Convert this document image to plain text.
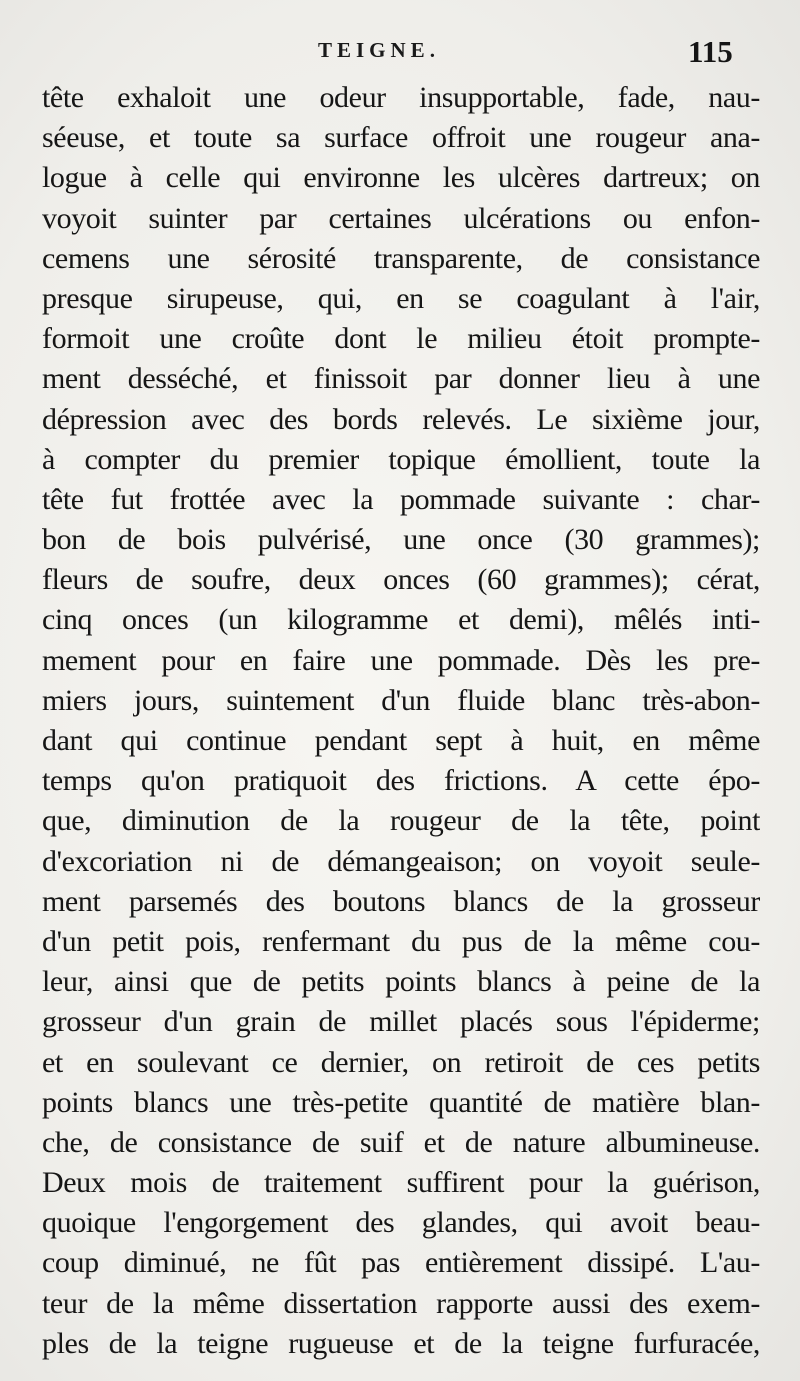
TEIGNE.	115
tête exhaloit une odeur insupportable, fade, nau-
séeuse, et toute sa surface offroit une rougeur ana-
logue à celle qui environne les ulcères dartreux; on
voyoit suinter par certaines ulcérations ou enfon-
cemens une sérosité transparente, de consistance
presque sirupeuse, qui, en se coagulant à l'air,
formoit une croûte dont le milieu étoit prompte-
ment desséché, et finissoit par donner lieu à une
dépression avec des bords relevés. Le sixième jour,
à compter du premier topique émollient, toute la
tête fut frottée avec la pommade suivante : char-
bon de bois pulvérisé, une once (30 grammes);
fleurs de soufre, deux onces (60 grammes); cérat,
cinq onces (un kilogramme et demi), mêlés inti-
mement pour en faire une pommade. Dès les pre-
miers jours, suintement d'un fluide blanc très-abon-
dant qui continue pendant sept à huit, en même
temps qu'on pratiquoit des frictions. A cette épo-
que, diminution de la rougeur de la tête, point
d'excoriation ni de démangeaison; on voyoit seule-
ment parsemés des boutons blancs de la grosseur
d'un petit pois, renfermant du pus de la même cou-
leur, ainsi que de petits points blancs à peine de la
grosseur d'un grain de millet placés sous l'épiderme;
et en soulevant ce dernier, on retiroit de ces petits
points blancs une très-petite quantité de matière blan-
che, de consistance de suif et de nature albumineuse.
Deux mois de traitement suffirent pour la guérison,
quoique l'engorgement des glandes, qui avoit beau-
coup diminué, ne fût pas entièrement dissipé. L'au-
teur de la même dissertation rapporte aussi des exem-
ples de la teigne rugueuse et de la teigne furfuracée,
